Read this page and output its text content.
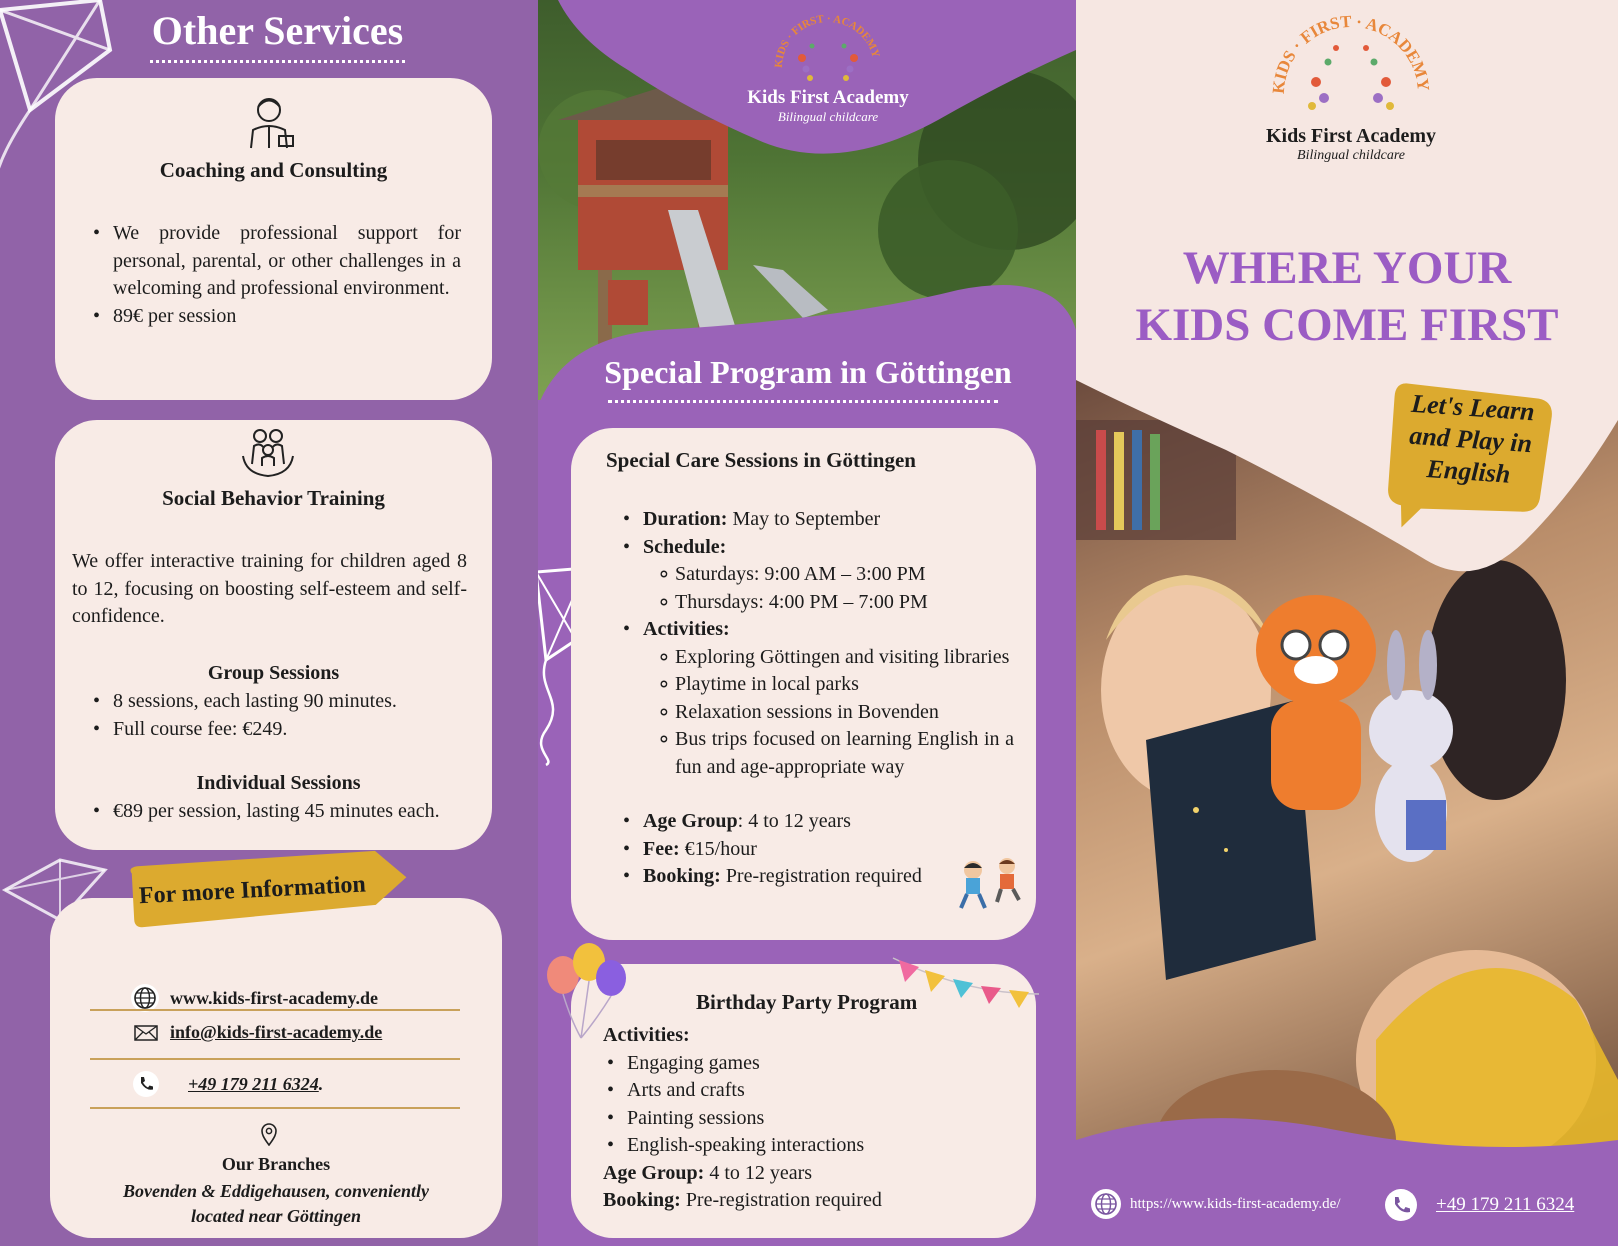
Other Services
Coaching and Consulting
• We provide professional support for personal, parental, or other challenges in a welcoming and professional environment.
• 89€ per session
Social Behavior Training

We offer interactive training for children aged 8 to 12, focusing on boosting self-esteem and self-confidence.

Group Sessions
• 8 sessions, each lasting 90 minutes.
• Full course fee: €249.
Individual Sessions
• €89 per session, lasting 45 minutes each.
www.kids-first-academy.de
info@kids-first-academy.de
+49 179 211 6324.
Our Branches
Bovenden & Eddigehausen, conveniently
located near Göttingen
For more Information
KIDS · FIRST · ACADEMY
Kids First Academy
Bilingual childcare
Special Program in Göttingen
Special Care Sessions in Göttingen
• Duration: May to September
• Schedule:
∘ Saturdays: 9:00 AM – 3:00 PM
∘ Thursdays: 4:00 PM – 7:00 PM
• Activities:
∘ Exploring Göttingen and visiting libraries
∘ Playtime in local parks
∘ Relaxation sessions in Bovenden
∘ Bus trips focused on learning English in a fun and age-appropriate way
• Age Group: 4 to 12 years
• Fee: €15/hour
• Booking: Pre-registration required
Birthday Party Program
Activities:
• Engaging games
• Arts and crafts
• Painting sessions
• English-speaking interactions
Age Group: 4 to 12 years
Booking: Pre-registration required
KIDS · FIRST · ACADEMY
Kids First Academy
Bilingual childcare
WHERE YOUR
KIDS COME FIRST
Let's Learn
and Play in
English
https://www.kids-first-academy.de/	+49 179 211 6324
